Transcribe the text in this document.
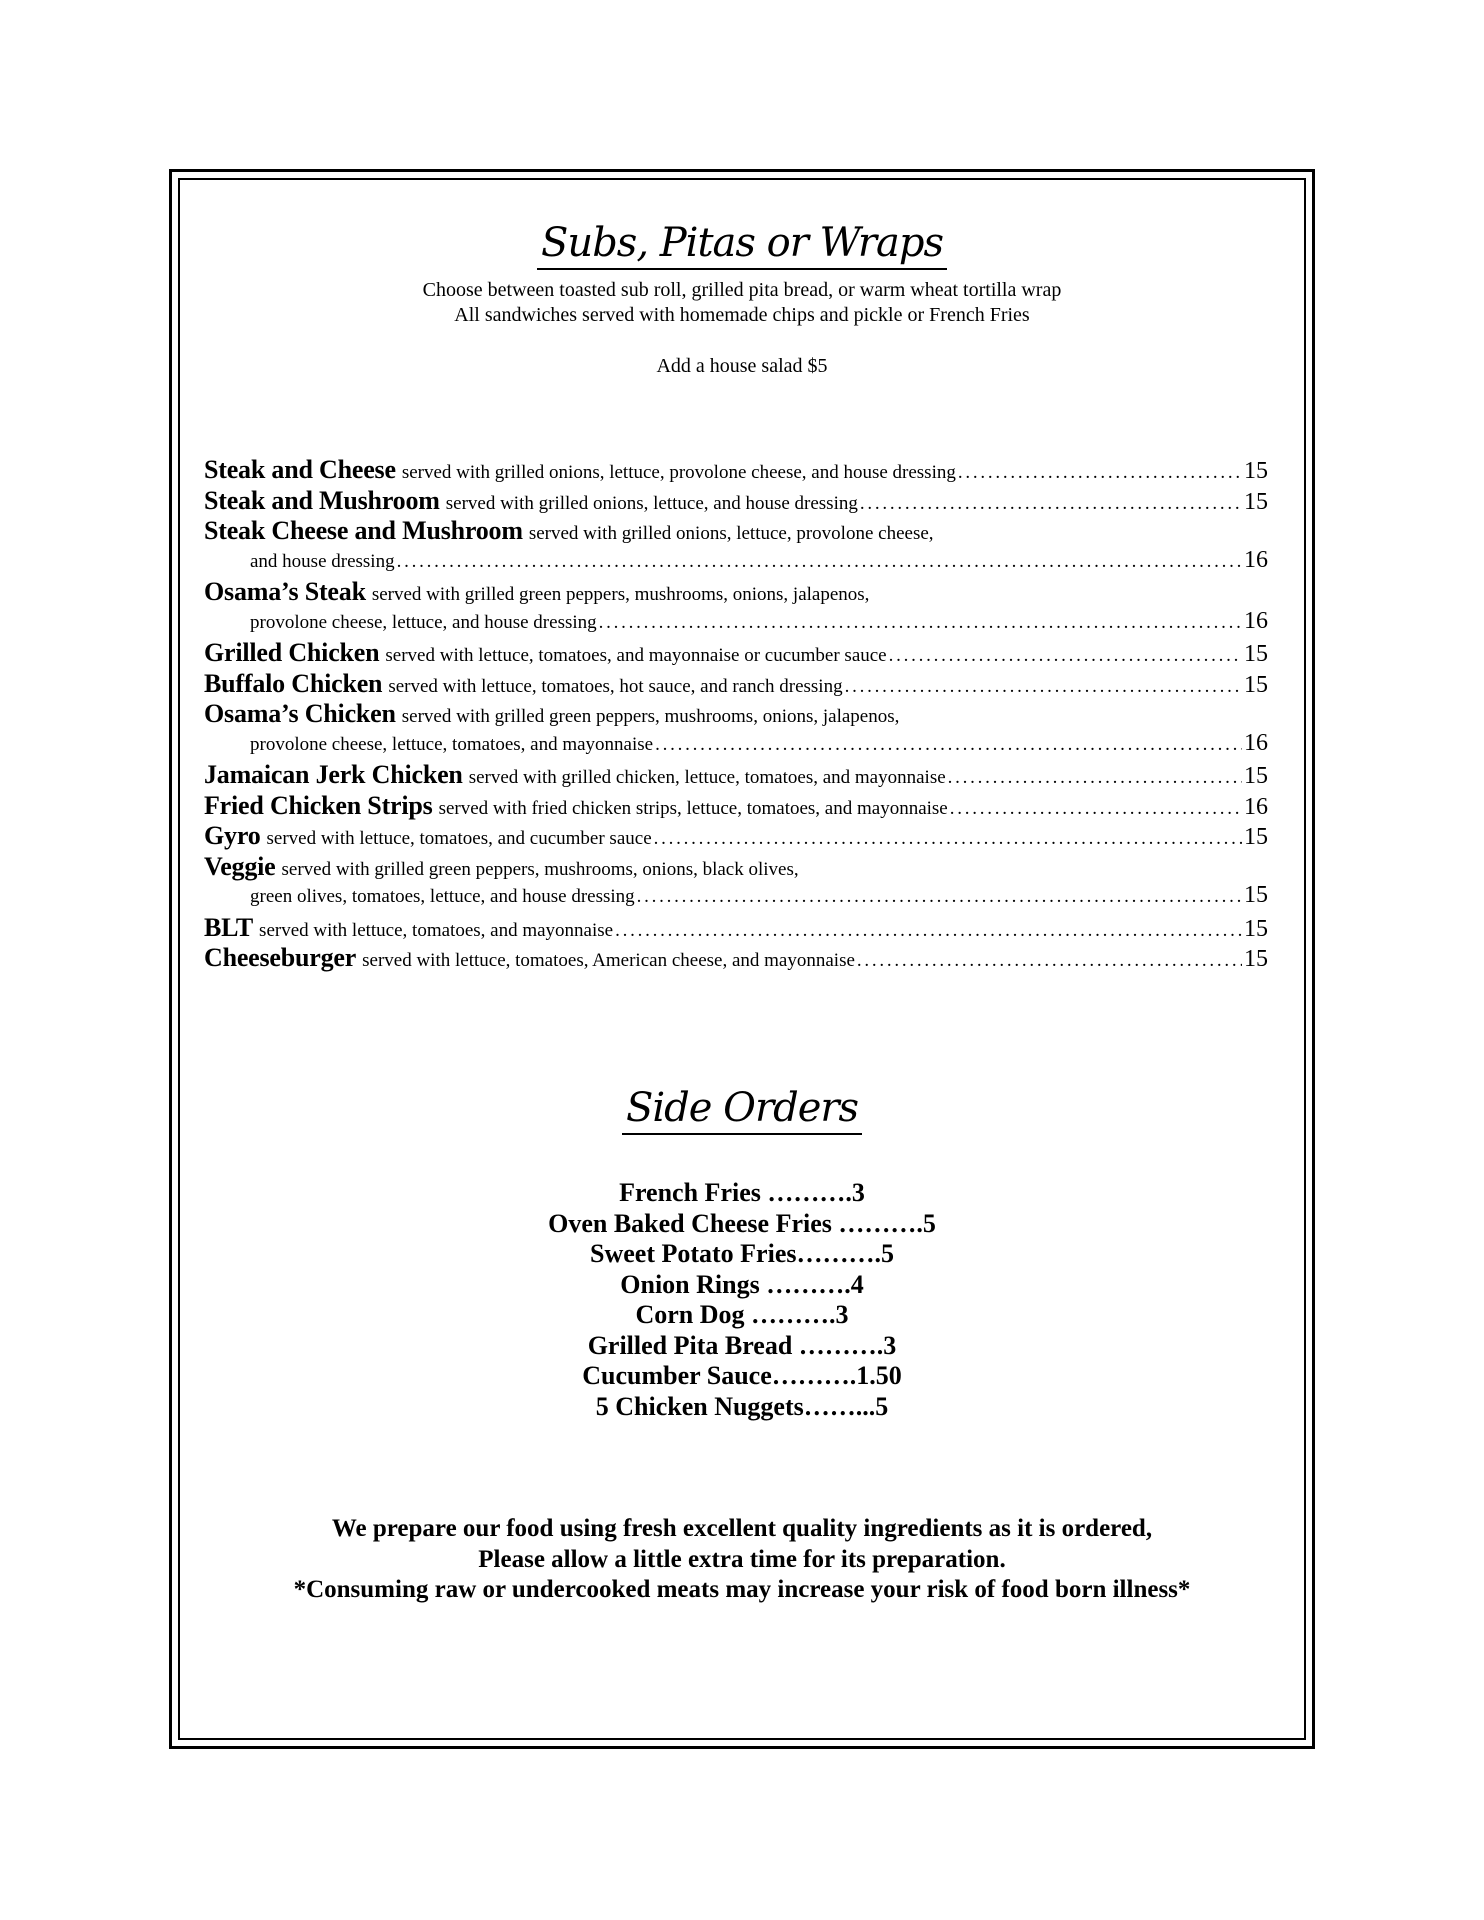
Subs, Pitas or Wraps
Choose between toasted sub roll, grilled pita bread, or warm wheat tortilla wrap
All sandwiches served with homemade chips and pickle or French Fries
Add a house salad $5
Steak and Cheese served with grilled onions, lettuce, provolone cheese, and house dressing . . .	15
Steak and Mushroom served with grilled onions, lettuce, and house dressing . . .	15
Steak Cheese and Mushroom served with grilled onions, lettuce, provolone cheese,
and house dressing . . .	16
Osama’s Steak served with grilled green peppers, mushrooms, onions, jalapenos,
provolone cheese, lettuce, and house dressing . . .	16
Grilled Chicken served with lettuce, tomatoes, and mayonnaise or cucumber sauce . . .	15
Buffalo Chicken served with lettuce, tomatoes, hot sauce, and ranch dressing . . .	15
Osama’s Chicken served with grilled green peppers, mushrooms, onions, jalapenos,
provolone cheese, lettuce, tomatoes, and mayonnaise . . .	16
Jamaican Jerk Chicken served with grilled chicken, lettuce, tomatoes, and mayonnaise . . .	15
Fried Chicken Strips served with fried chicken strips, lettuce, tomatoes, and mayonnaise . . .	16
Gyro served with lettuce, tomatoes, and cucumber sauce . . .	15
Veggie served with grilled green peppers, mushrooms, onions, black olives,
green olives, tomatoes, lettuce, and house dressing . . .	15
BLT served with lettuce, tomatoes, and mayonnaise . . .	15
Cheeseburger served with lettuce, tomatoes, American cheese, and mayonnaise . . .	15
Side Orders
French Fries ……….3
Oven Baked Cheese Fries ……….5
Sweet Potato Fries……….5
Onion Rings ……….4
Corn Dog ……….3
Grilled Pita Bread ……….3
Cucumber Sauce……….1.50
5 Chicken Nuggets……...5
We prepare our food using fresh excellent quality ingredients as it is ordered,
Please allow a little extra time for its preparation.
*Consuming raw or undercooked meats may increase your risk of food born illness*
